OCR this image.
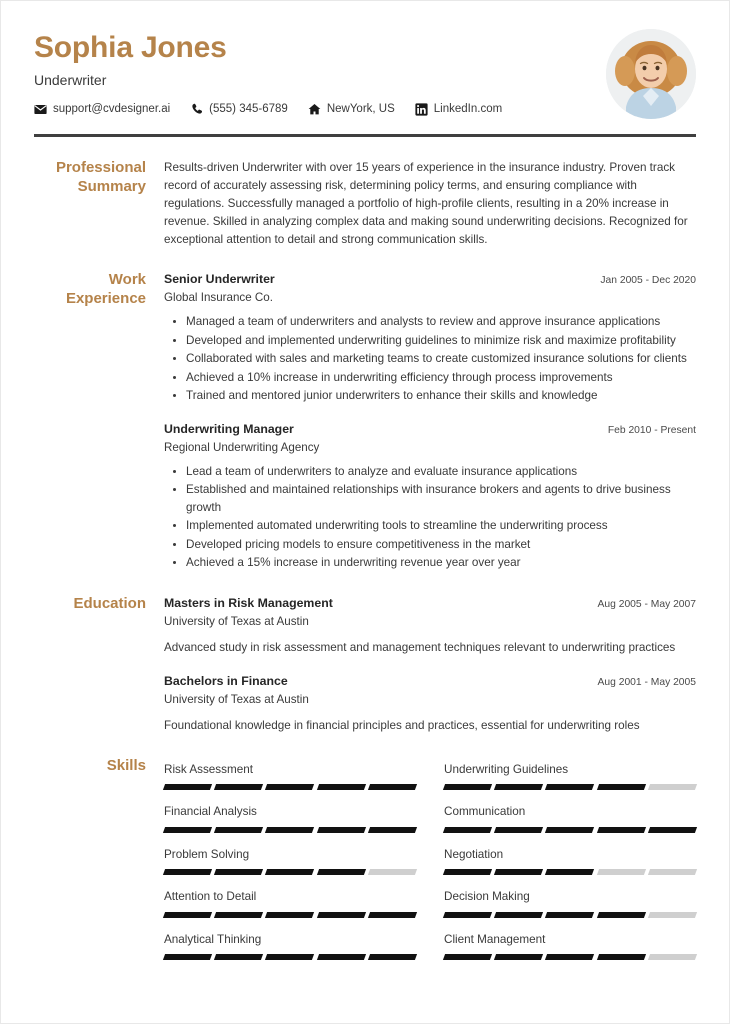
Sophia Jones
Underwriter
support@cvdesigner.ai	(555) 345-6789	NewYork, US	LinkedIn.com
Professional Summary

Results-driven Underwriter with over 15 years of experience in the insurance industry. Proven track record of accurately assessing risk, determining policy terms, and ensuring compliance with regulations. Successfully managed a portfolio of high-profile clients, resulting in a 20% increase in revenue. Skilled in analyzing complex data and making sound underwriting decisions. Recognized for exceptional attention to detail and strong communication skills.

Work Experience
Senior Underwriter	Jan 2005 - Dec 2020
Global Insurance Co.
• Managed a team of underwriters and analysts to review and approve insurance applications
• Developed and implemented underwriting guidelines to minimize risk and maximize profitability
• Collaborated with sales and marketing teams to create customized insurance solutions for clients
• Achieved a 10% increase in underwriting efficiency through process improvements
• Trained and mentored junior underwriters to enhance their skills and knowledge
Underwriting Manager	Feb 2010 - Present
Regional Underwriting Agency
• Lead a team of underwriters to analyze and evaluate insurance applications
• Established and maintained relationships with insurance brokers and agents to drive business growth
• Implemented automated underwriting tools to streamline the underwriting process
• Developed pricing models to ensure competitiveness in the market
• Achieved a 15% increase in underwriting revenue year over year
Education	Masters in Risk Management	Aug 2005 - May 2007
University of Texas at Austin
Advanced study in risk assessment and management techniques relevant to underwriting practices
Bachelors in Finance	Aug 2001 - May 2005
University of Texas at Austin
Foundational knowledge in financial principles and practices, essential for underwriting roles
Skills	Risk Assessment	Underwriting Guidelines
Financial Analysis	Communication
Problem Solving	Negotiation
Attention to Detail	Decision Making
Analytical Thinking	Client Management
